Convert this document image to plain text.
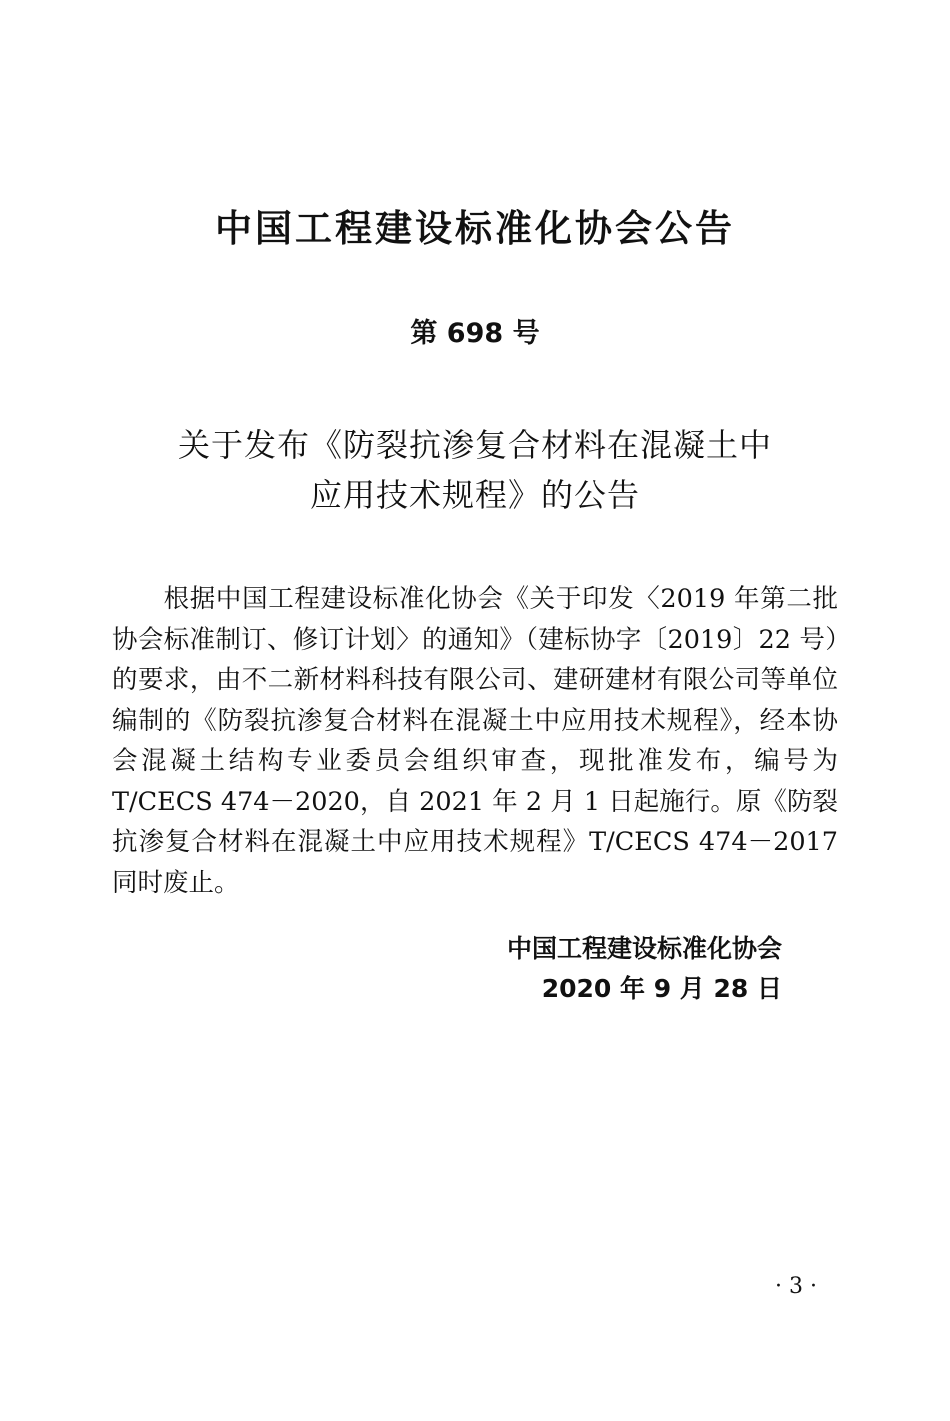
中国工程建设标准化协会公告
第 698 号
关于发布《防裂抗渗复合材料在混凝土中
应用技术规程》的公告

根据中国工程建设标准化协会《关于印发〈2019 年第二批协会标准制订、修订计划〉的通知》（建标协字〔2019〕22 号）的要求，由不二新材料科技有限公司、建研建材有限公司等单位编制的《防裂抗渗复合材料在混凝土中应用技术规程》，经本协会混凝土结构专业委员会组织审查，现批准发布，编号为 T/CECS 474－2020，自 2021 年 2 月 1 日起施行。原《防裂抗渗复合材料在混凝土中应用技术规程》T/CECS 474－2017 同时废止。

中国工程建设标准化协会
2020 年 9 月 28 日
· 3 ·
